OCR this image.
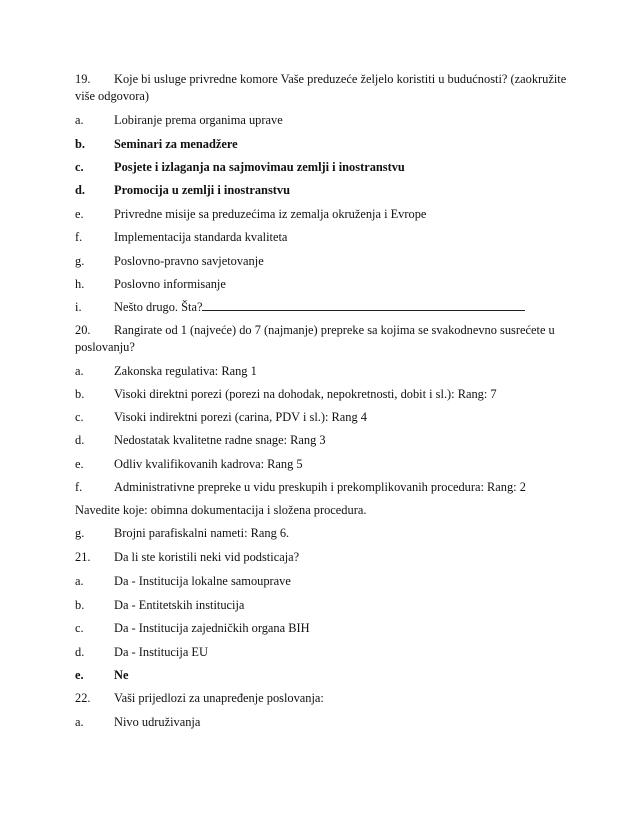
19. Koje bi usluge privredne komore Vaše preduzeće željelo koristiti u budućnosti? (zaokružite više odgovora)
a. Lobiranje prema organima uprave
b. Seminari za menadžere
c. Posjete i izlaganja na sajmovimau zemlji i inostranstvu
d. Promocija u zemlji i inostranstvu
e. Privredne misije sa preduzećima iz zemalja okruženja i Evrope
f.	Implementacija standarda kvaliteta
g. Poslovno-pravno savjetovanje
h. Poslovno informisanje
i.	Nešto drugo. Šta?
20. Rangirate od 1 (najveće) do 7 (najmanje) prepreke sa kojima se svakodnevno susrećete u poslovanju?
a. Zakonska regulativa: Rang 1
b. Visoki direktni porezi (porezi na dohodak, nepokretnosti, dobit i sl.): Rang: 7
c. Visoki indirektni porezi (carina, PDV i sl.): Rang 4
d. Nedostatak kvalitetne radne snage: Rang 3
e. Odliv kvalifikovanih kadrova: Rang 5
f.	Administrativne prepreke u vidu preskupih i prekomplikovanih procedura: Rang: 2
Navedite koje: obimna dokumentacija i složena procedura.
g. Brojni parafiskalni nameti: Rang 6.
21. Da li ste koristili neki vid podsticaja?
a. Da - Institucija lokalne samouprave
b. Da - Entitetskih institucija
c. Da - Institucija zajedničkih organa BIH
d. Da - Institucija EU
e. Ne
22. Vaši prijedlozi za unapređenje poslovanja:
a. Nivo udruživanja
